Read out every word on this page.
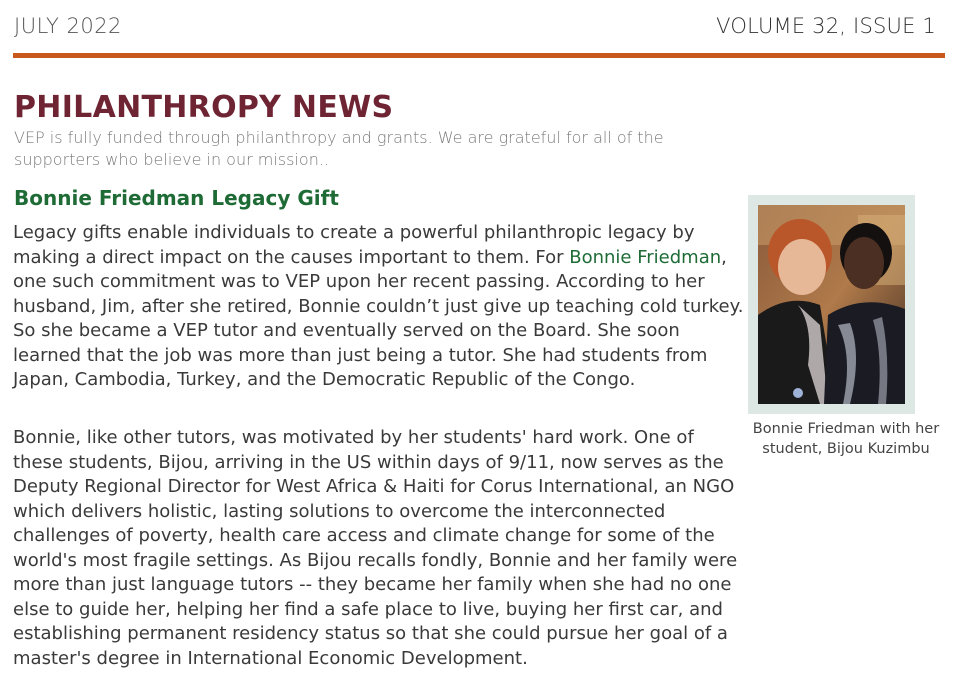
JULY 2022	VOLUME 32, ISSUE 1
PHILANTHROPY NEWS

VEP is fully funded through philanthropy and grants. We are grateful for all of the supporters who believe in our mission..

Bonnie Friedman Legacy Gift

Legacy gifts enable individuals to create a powerful philanthropic legacy by making a direct impact on the causes important to them. For Bonnie Friedman, one such commitment was to VEP upon her recent passing. According to her husband, Jim, after she retired, Bonnie couldn’t just give up teaching cold turkey. So she became a VEP tutor and eventually served on the Board. She soon learned that the job was more than just being a tutor. She had students from Japan, Cambodia, Turkey, and the Democratic Republic of the Congo.

Bonnie, like other tutors, was motivated by her students' hard work. One of these students, Bijou, arriving in the US within days of 9/11, now serves as the Deputy Regional Director for West Africa & Haiti for Corus International, an NGO which delivers holistic, lasting solutions to overcome the interconnected challenges of poverty, health care access and climate change for some of the world's most fragile settings. As Bijou recalls fondly, Bonnie and her family were more than just language tutors -- they became her family when she had no one else to guide her, helping her find a safe place to live, buying her first car, and establishing permanent residency status so that she could pursue her goal of a master's degree in International Economic Development.

Bonnie Friedman with her student, Bijou Kuzimbu
